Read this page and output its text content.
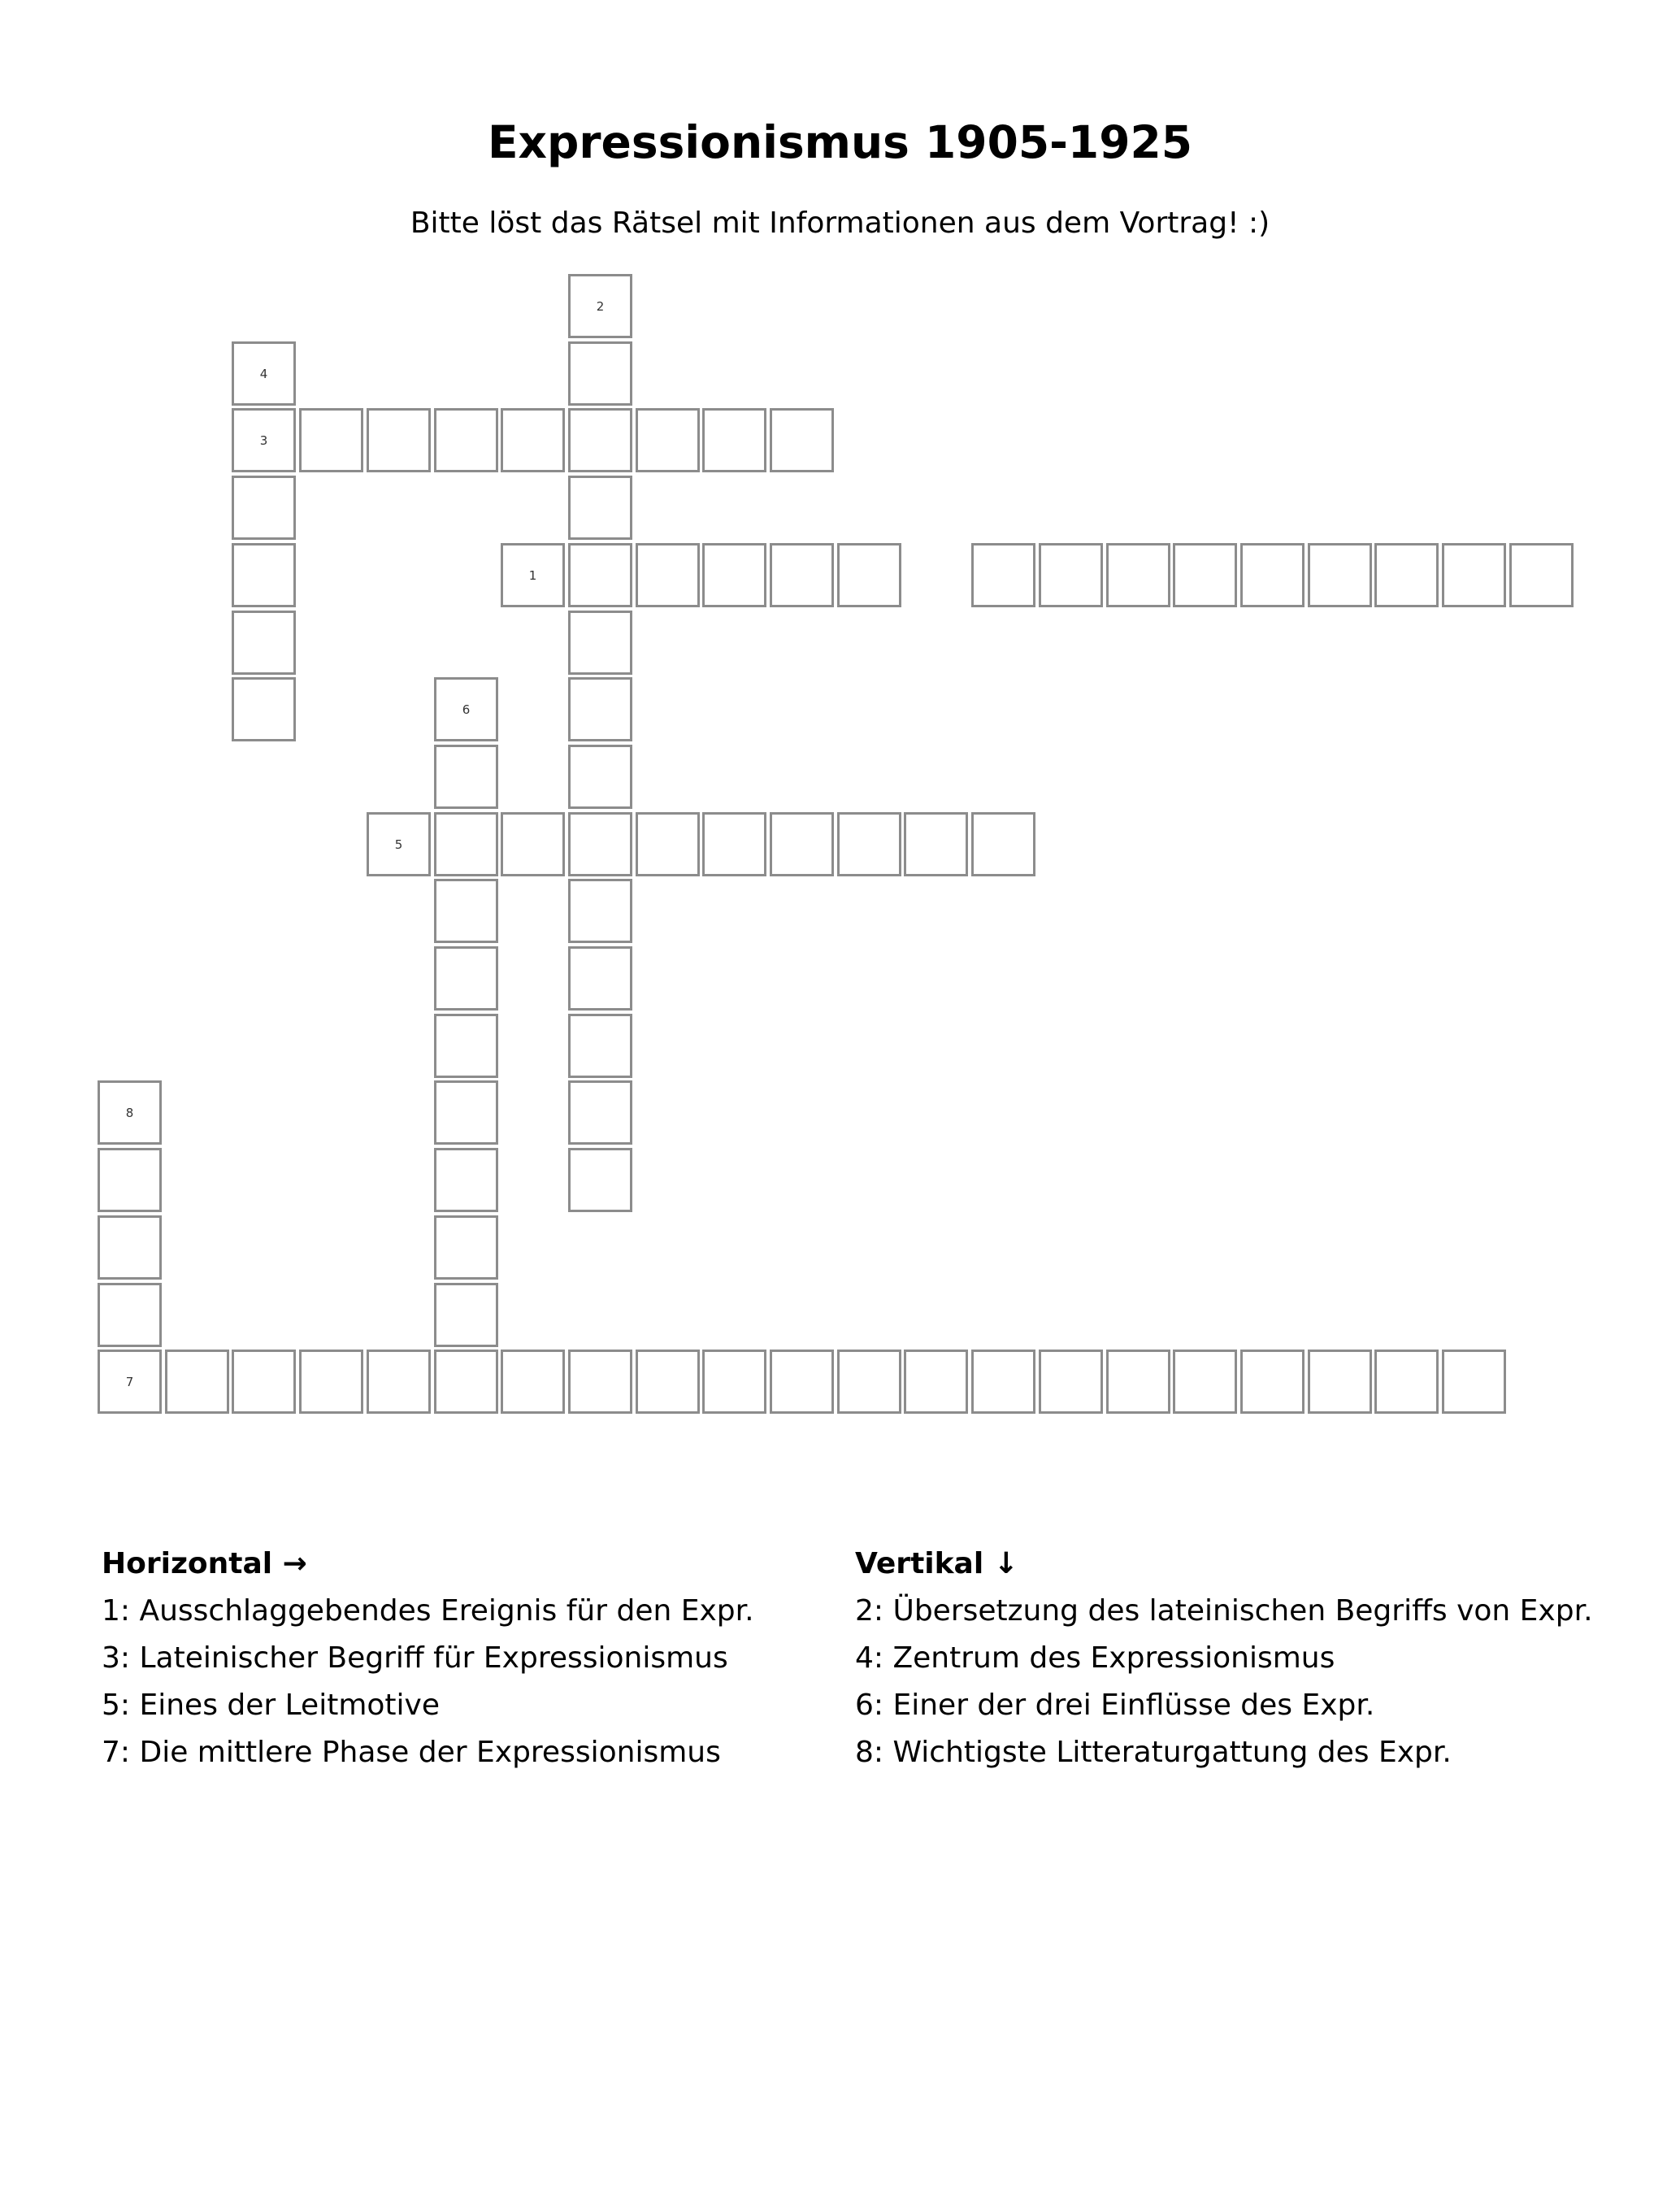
Expressionismus 1905-1925
Bitte löst das Rätsel mit Informationen aus dem Vortrag! :)
1
3
5
7
2
4
6
8
Horizontal →
1: Ausschlaggebendes Ereignis für den Expr.
3: Lateinischer Begriff für Expressionismus
5: Eines der Leitmotive
7: Die mittlere Phase der Expressionismus
Vertikal ↓
2: Übersetzung des lateinischen Begriffs von Expr.
4: Zentrum des Expressionismus
6: Einer der drei Einflüsse des Expr.
8: Wichtigste Litteraturgattung des Expr.
